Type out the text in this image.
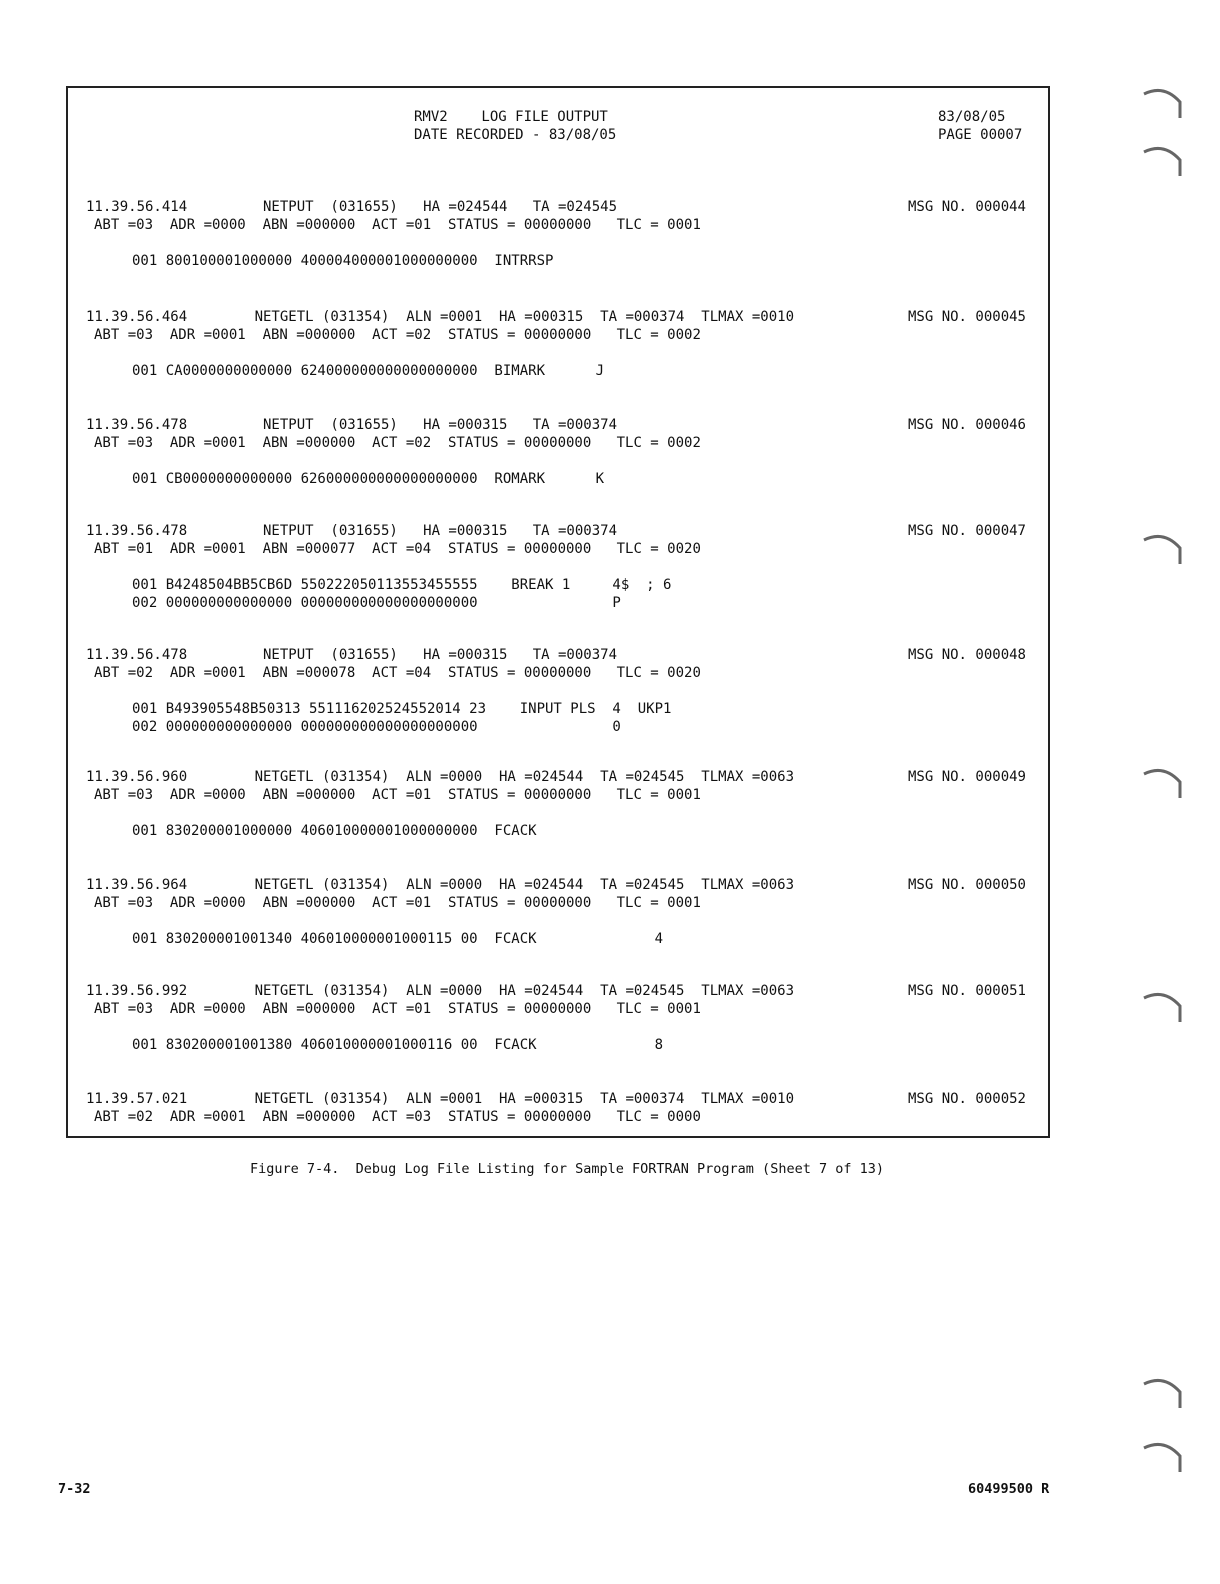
RMV2    LOG FILE OUTPUT
DATE RECORDED - 83/08/05
83/08/05
PAGE 00007
11.39.56.414         NETPUT  (031655)   HA =024544   TA =024545
ABT =03  ADR =0000  ABN =000000  ACT =01  STATUS = 00000000   TLC = 0001
001 800100001000000 400004000001000000000  INTRRSP
MSG NO. 000044
11.39.56.464        NETGETL (031354)  ALN =0001  HA =000315  TA =000374  TLMAX =0010
ABT =03  ADR =0001  ABN =000000  ACT =02  STATUS = 00000000   TLC = 0002
001 CA0000000000000 624000000000000000000  BIMARK      J
MSG NO. 000045
11.39.56.478         NETPUT  (031655)   HA =000315   TA =000374
ABT =03  ADR =0001  ABN =000000  ACT =02  STATUS = 00000000   TLC = 0002
001 CB0000000000000 626000000000000000000  ROMARK      K
MSG NO. 000046
11.39.56.478         NETPUT  (031655)   HA =000315   TA =000374
ABT =01  ADR =0001  ABN =000077  ACT =04  STATUS = 00000000   TLC = 0020
001 B4248504BB5CB6D 550222050113553455555    BREAK 1     4$  ; 6
002 000000000000000 000000000000000000000                P
MSG NO. 000047
11.39.56.478         NETPUT  (031655)   HA =000315   TA =000374
ABT =02  ADR =0001  ABN =000078  ACT =04  STATUS = 00000000   TLC = 0020
001 B493905548B50313 551116202524552014 23    INPUT PLS  4  UKP1
002 000000000000000 000000000000000000000                0
MSG NO. 000048
11.39.56.960        NETGETL (031354)  ALN =0000  HA =024544  TA =024545  TLMAX =0063
ABT =03  ADR =0000  ABN =000000  ACT =01  STATUS = 00000000   TLC = 0001
001 830200001000000 406010000001000000000  FCACK
MSG NO. 000049
11.39.56.964        NETGETL (031354)  ALN =0000  HA =024544  TA =024545  TLMAX =0063
ABT =03  ADR =0000  ABN =000000  ACT =01  STATUS = 00000000   TLC = 0001
001 830200001001340 406010000001000115 00  FCACK              4
MSG NO. 000050
11.39.56.992        NETGETL (031354)  ALN =0000  HA =024544  TA =024545  TLMAX =0063
ABT =03  ADR =0000  ABN =000000  ACT =01  STATUS = 00000000   TLC = 0001
001 830200001001380 406010000001000116 00  FCACK              8
MSG NO. 000051
11.39.57.021        NETGETL (031354)  ALN =0001  HA =000315  TA =000374  TLMAX =0010
ABT =02  ADR =0001  ABN =000000  ACT =03  STATUS = 00000000   TLC = 0000
MSG NO. 000052
Figure 7-4.  Debug Log File Listing for Sample FORTRAN Program (Sheet 7 of 13)
7-32	60499500 R
